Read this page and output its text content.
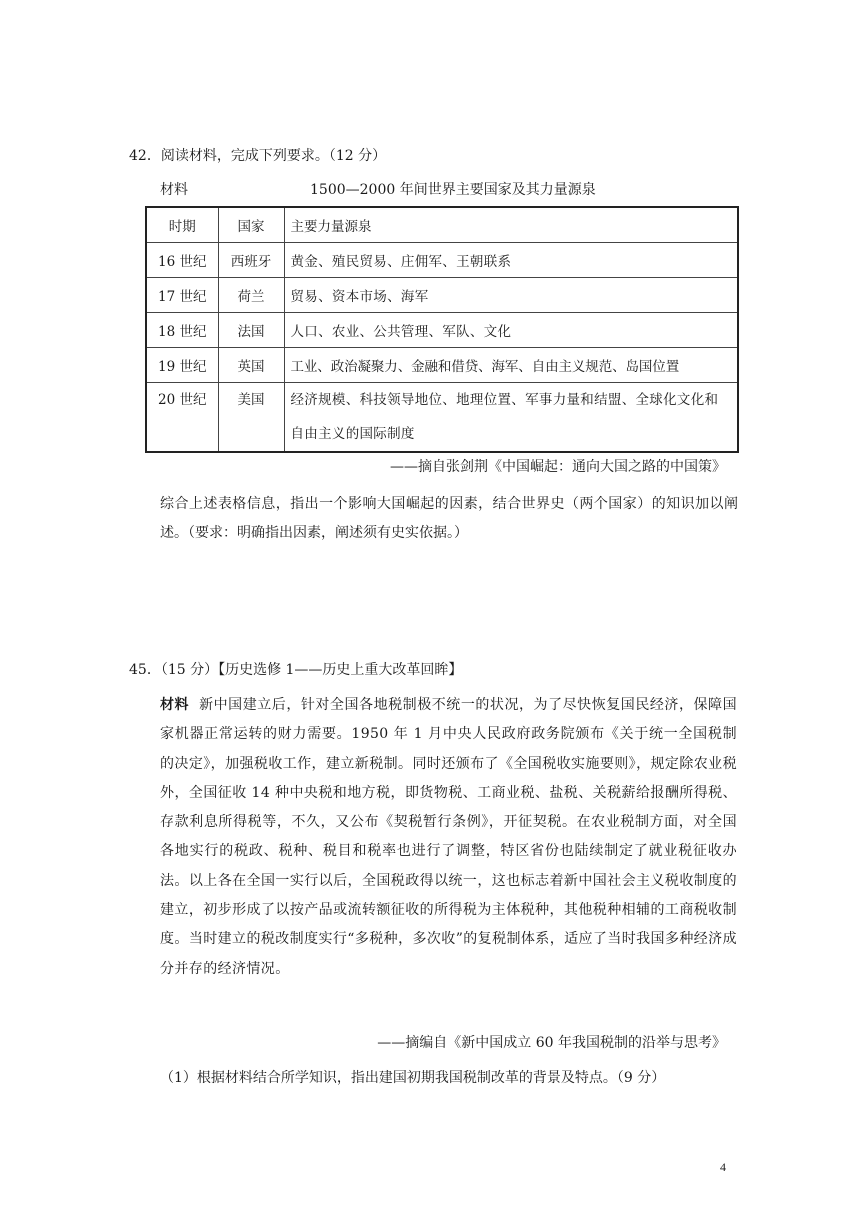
42．阅读材料，完成下列要求。（12 分）
材料	1500—2000 年间世界主要国家及其力量源泉
时期	国家	主要力量源泉
16 世纪	西班牙	黄金、殖民贸易、庄佣军、王朝联系
17 世纪	荷兰	贸易、资本市场、海军
18 世纪	法国	人口、农业、公共管理、军队、文化
19 世纪	英国	工业、政治凝聚力、金融和借贷、海军、自由主义规范、岛国位置
20 世纪	美国	经济规模、科技领导地位、地理位置、军事力量和结盟、全球化文化和自由主义的国际制度
——摘自张剑荆《中国崛起：通向大国之路的中国策》
综合上述表格信息，指出一个影响大国崛起的因素，结合世界史（两个国家）的知识加以阐述。（要求：明确指出因素，阐述须有史实依据。）
45．（15 分）【历史选修 1——历史上重大改革回眸】
材料 新中国建立后，针对全国各地税制极不统一的状况，为了尽快恢复国民经济，保障国家机器正常运转的财力需要。1950 年 1 月中央人民政府政务院颁布《关于统一全国税制的决定》，加强税收工作，建立新税制。同时还颁布了《全国税收实施要则》，规定除农业税外，全国征收 14 种中央税和地方税，即货物税、工商业税、盐税、关税薪给报酬所得税、存款利息所得税等，不久，又公布《契税暂行条例》，开征契税。在农业税制方面，对全国各地实行的税政、税种、税目和税率也进行了调整，特区省份也陆续制定了就业税征收办法。以上各在全国一实行以后，全国税政得以统一，这也标志着新中国社会主义税收制度的建立，初步形成了以按产品或流转额征收的所得税为主体税种，其他税种相辅的工商税收制度。当时建立的税改制度实行“多税种，多次收”的复税制体系，适应了当时我国多种经济成分并存的经济情况。
——摘编自《新中国成立 60 年我国税制的沿举与思考》
（1）根据材料结合所学知识，指出建国初期我国税制改革的背景及特点。（9 分）
4
